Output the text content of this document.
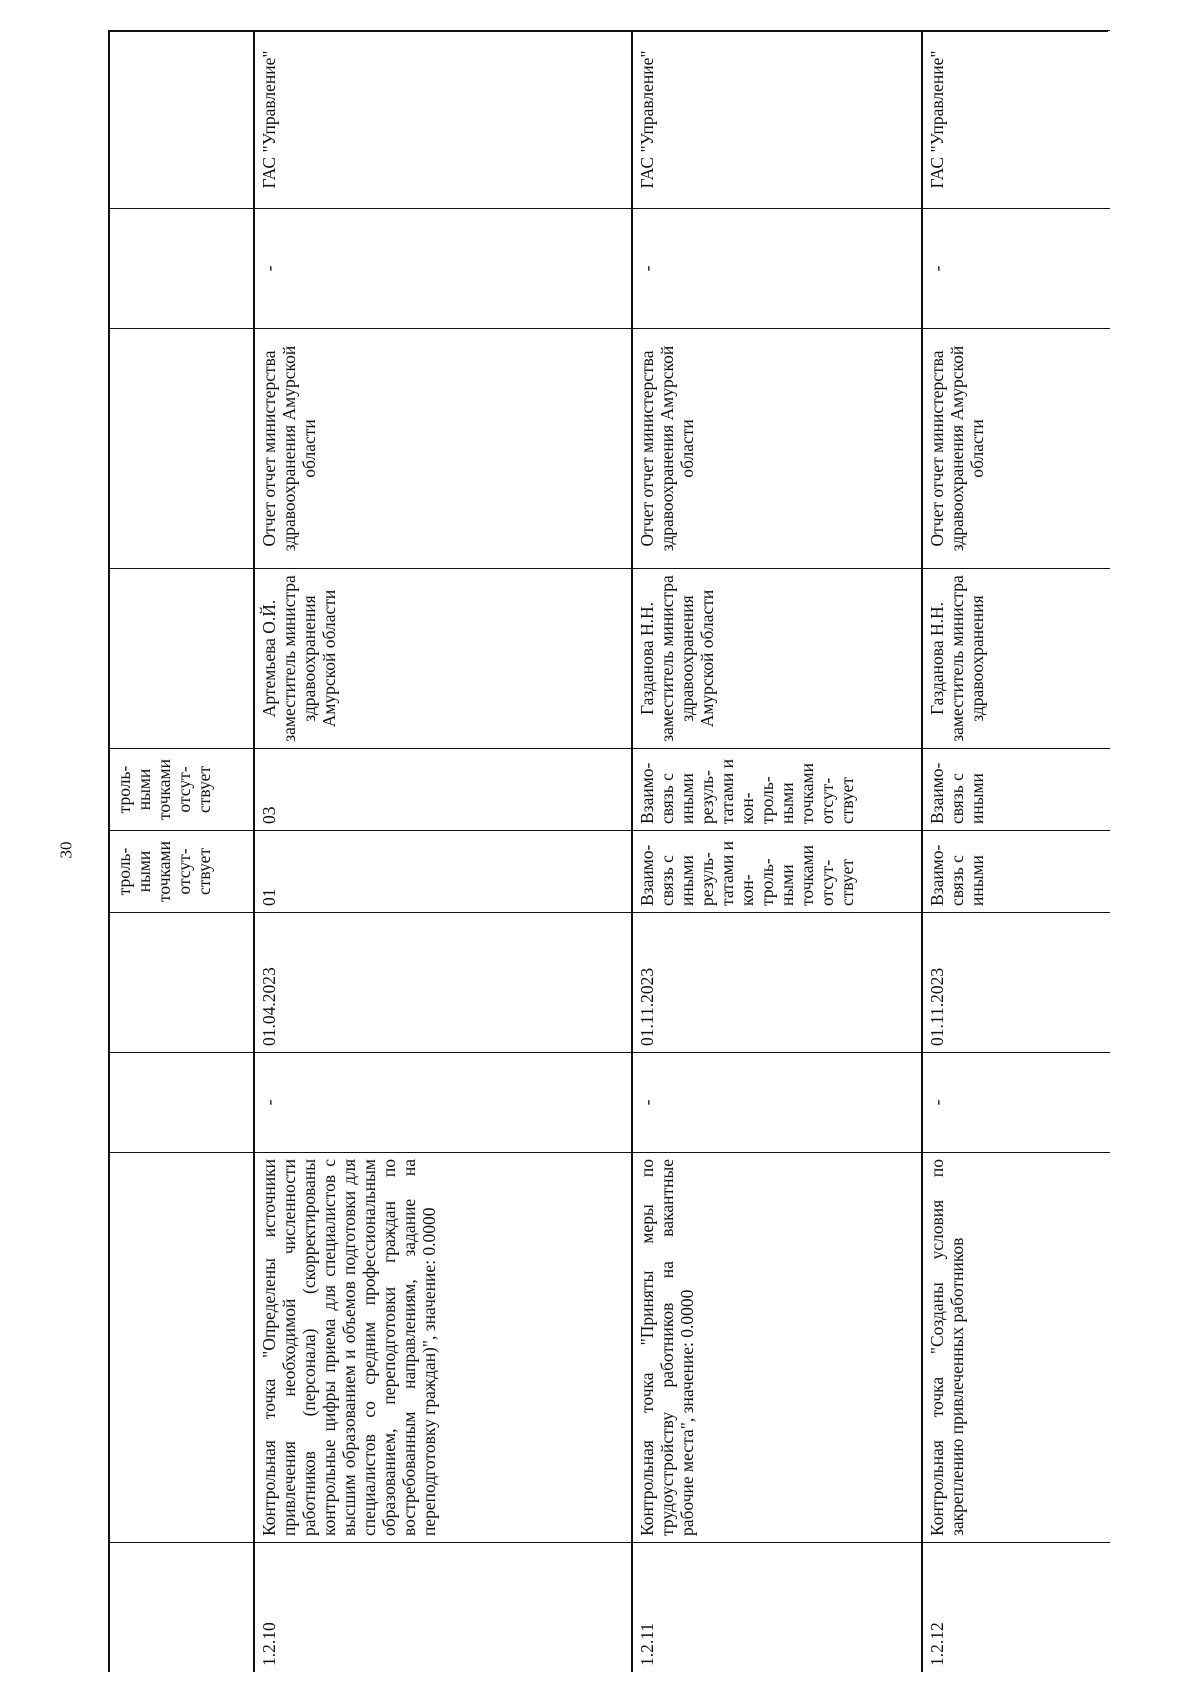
30 троль-
ными
точками
отсут-
ствует
троль-
ными
точками
отсут-
ствует
1.2.10
Контрольная точка "Определены источники привлечения необходимой численности работников (персонала) (скорректированы контрольные цифры приема для специалистов с высшим образованием и объемов подготовки для специалистов со средним профессиональным образованием, переподготовки граждан по востребованным направлениям, задание на переподготовку граждан)", значение: 0.0000
-
01.04.2023
01
03
Артемьева О.Й. заместитель министра здравоохранения Амурской области
Отчет отчет министерства здравоохранения Амурской области
-
ГАС "Управление"
1.2.11
Контрольная точка "Приняты меры по трудоустройству работников на вакантные рабочие места", значение: 0.0000
-
01.11.2023
Взаимо-связь с иными резуль-татами и кон-троль-ными точками отсут-ствует
Взаимо-связь с иными резуль-татами и кон-троль-ными точками отсут-ствует
Газданова Н.Н. заместитель министра здравоохранения Амурской области
Отчет отчет министерства здравоохранения Амурской области
-
ГАС "Управление"
1.2.12
Контрольная точка "Созданы условия по закреплению привлеченных работников
-
01.11.2023
Взаимо-связь с иными
Взаимо-связь с иными
Газданова Н.Н. заместитель министра здравоохранения
Отчет отчет министерства здравоохранения Амурской области
-
ГАС "Управление"
